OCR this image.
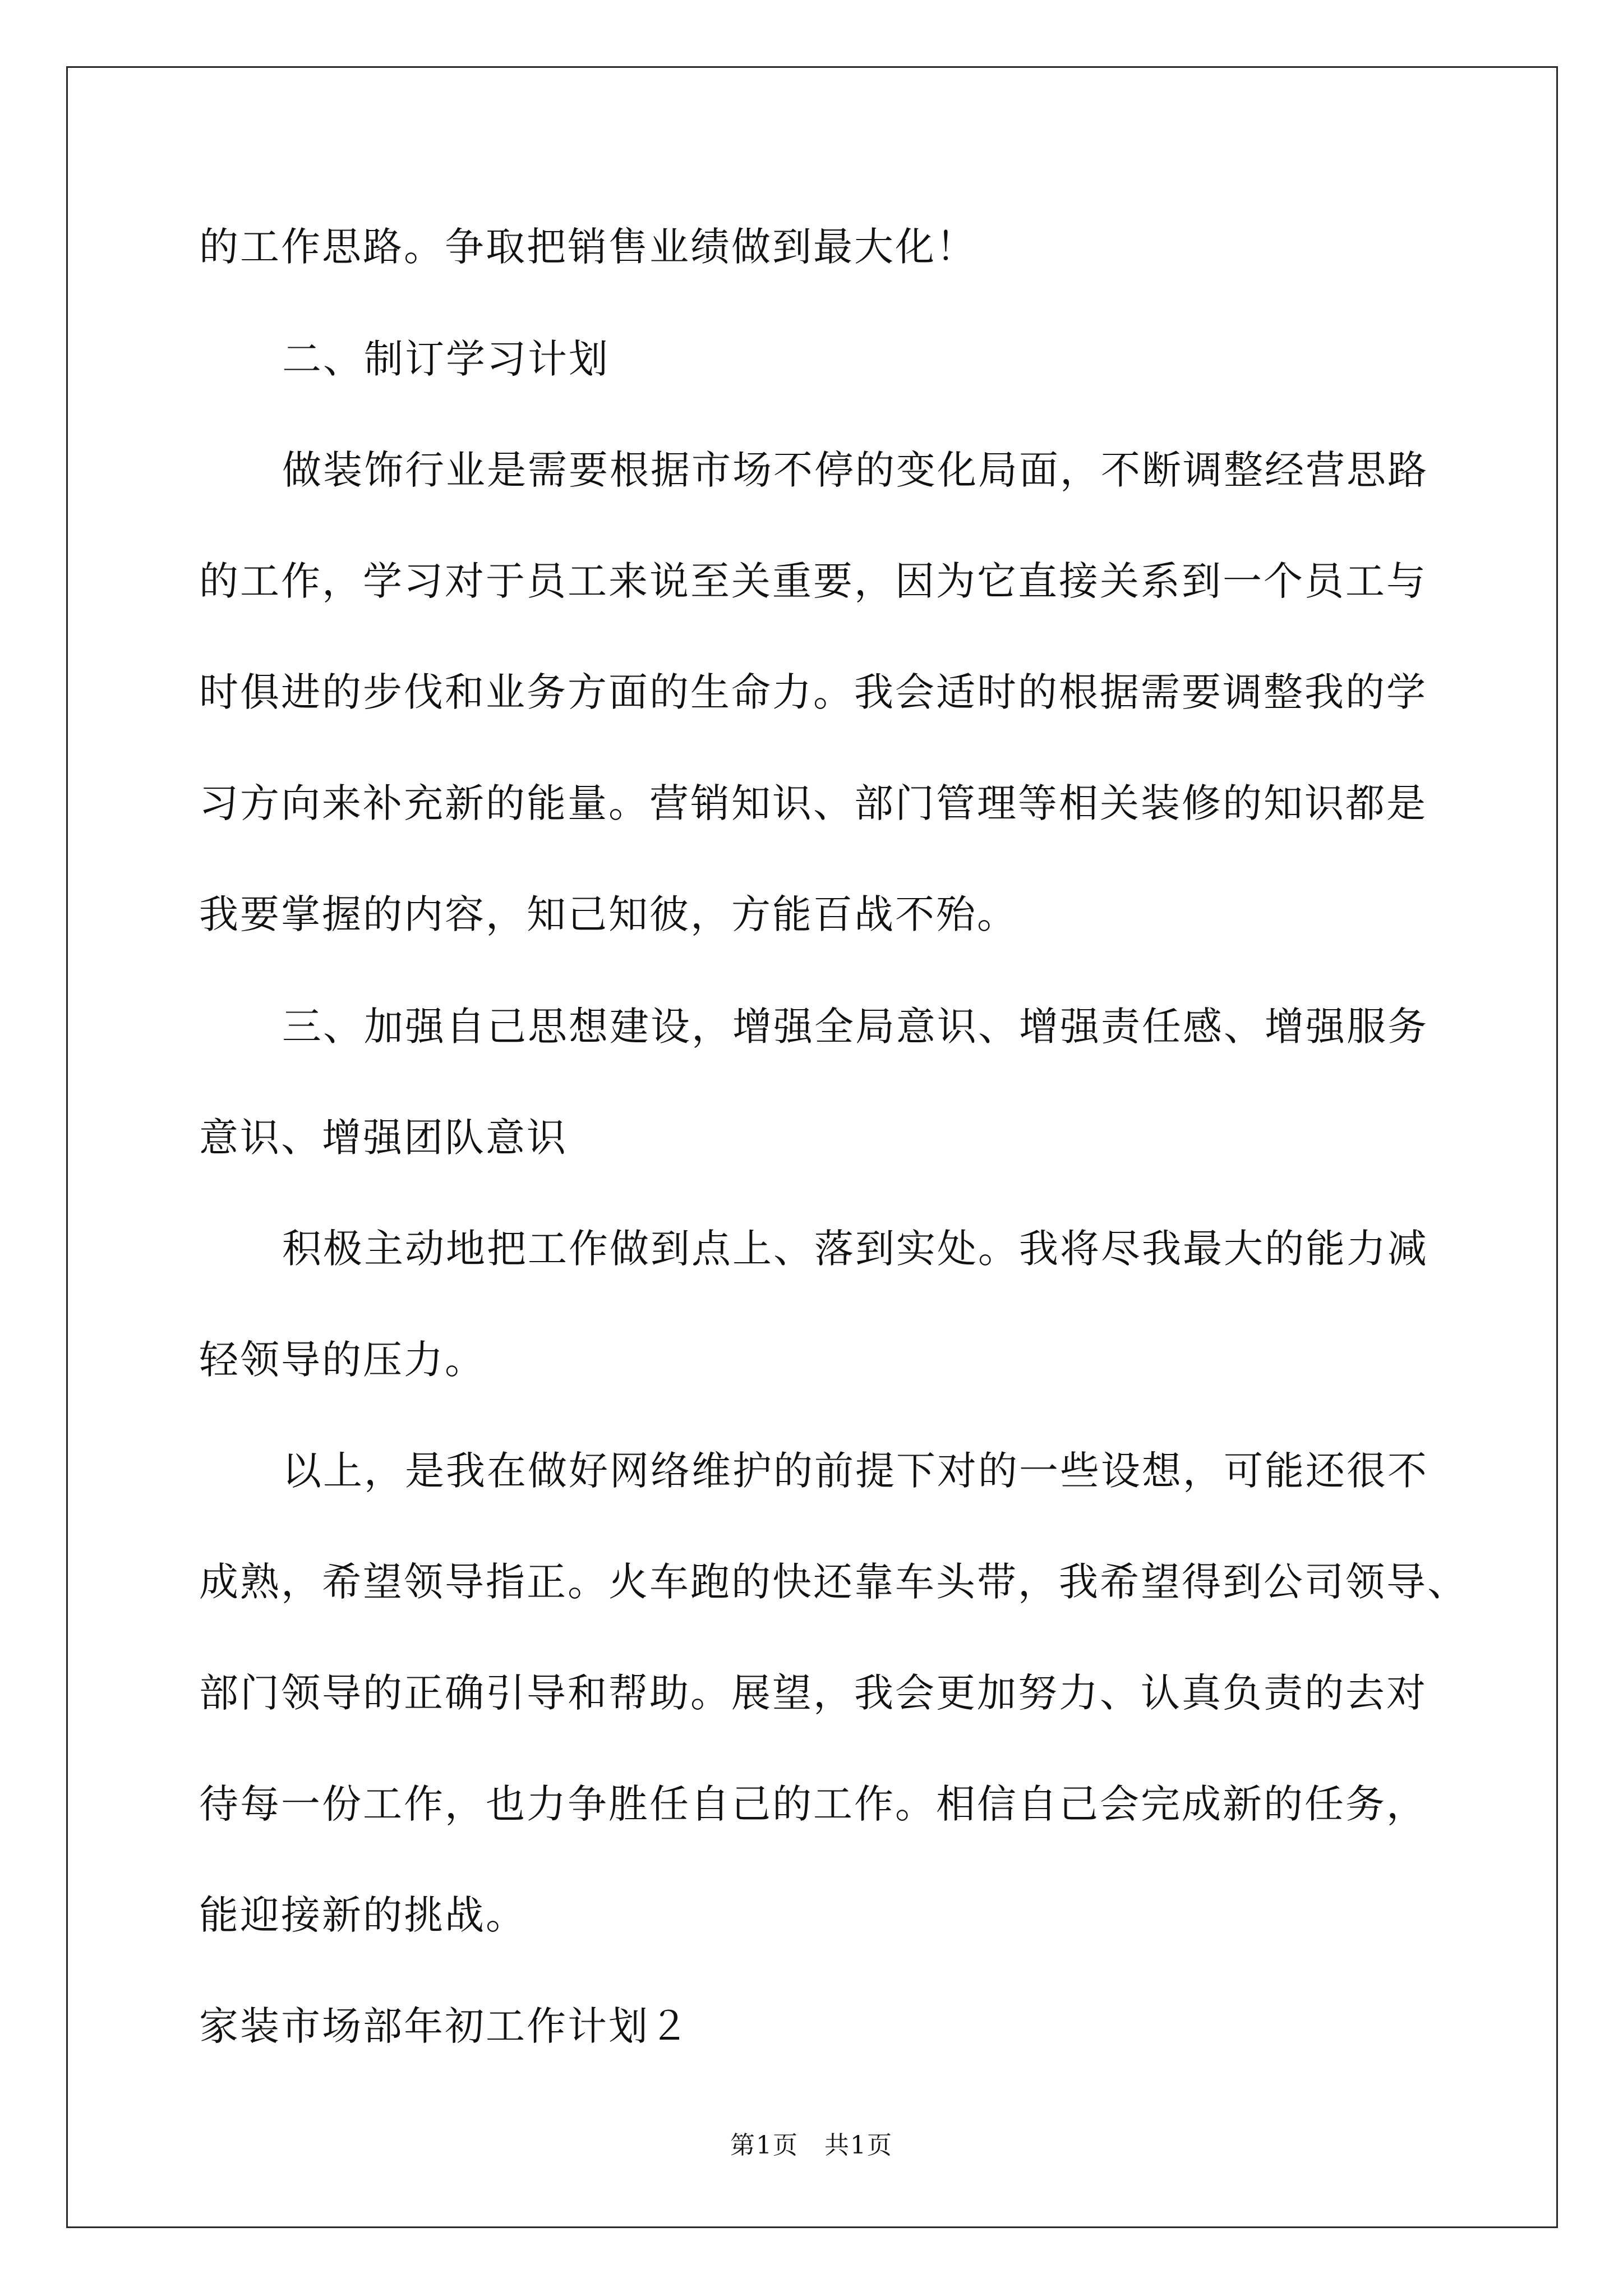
的工作思路。争取把销售业绩做到最大化！
二、制订学习计划
做装饰行业是需要根据市场不停的变化局面，不断调整经营思路
的工作，学习对于员工来说至关重要，因为它直接关系到一个员工与
时俱进的步伐和业务方面的生命力。我会适时的根据需要调整我的学
习方向来补充新的能量。营销知识、部门管理等相关装修的知识都是
我要掌握的内容，知己知彼，方能百战不殆。
三、加强自己思想建设，增强全局意识、增强责任感、增强服务
意识、增强团队意识
积极主动地把工作做到点上、落到实处。我将尽我最大的能力减
轻领导的压力。
以上，是我在做好网络维护的前提下对的一些设想，可能还很不
成熟，希望领导指正。火车跑的快还靠车头带，我希望得到公司领导、
部门领导的正确引导和帮助。展望，我会更加努力、认真负责的去对
待每一份工作，也力争胜任自己的工作。相信自己会完成新的任务，
能迎接新的挑战。
家装市场部年初工作计划２
第1页　共1页
